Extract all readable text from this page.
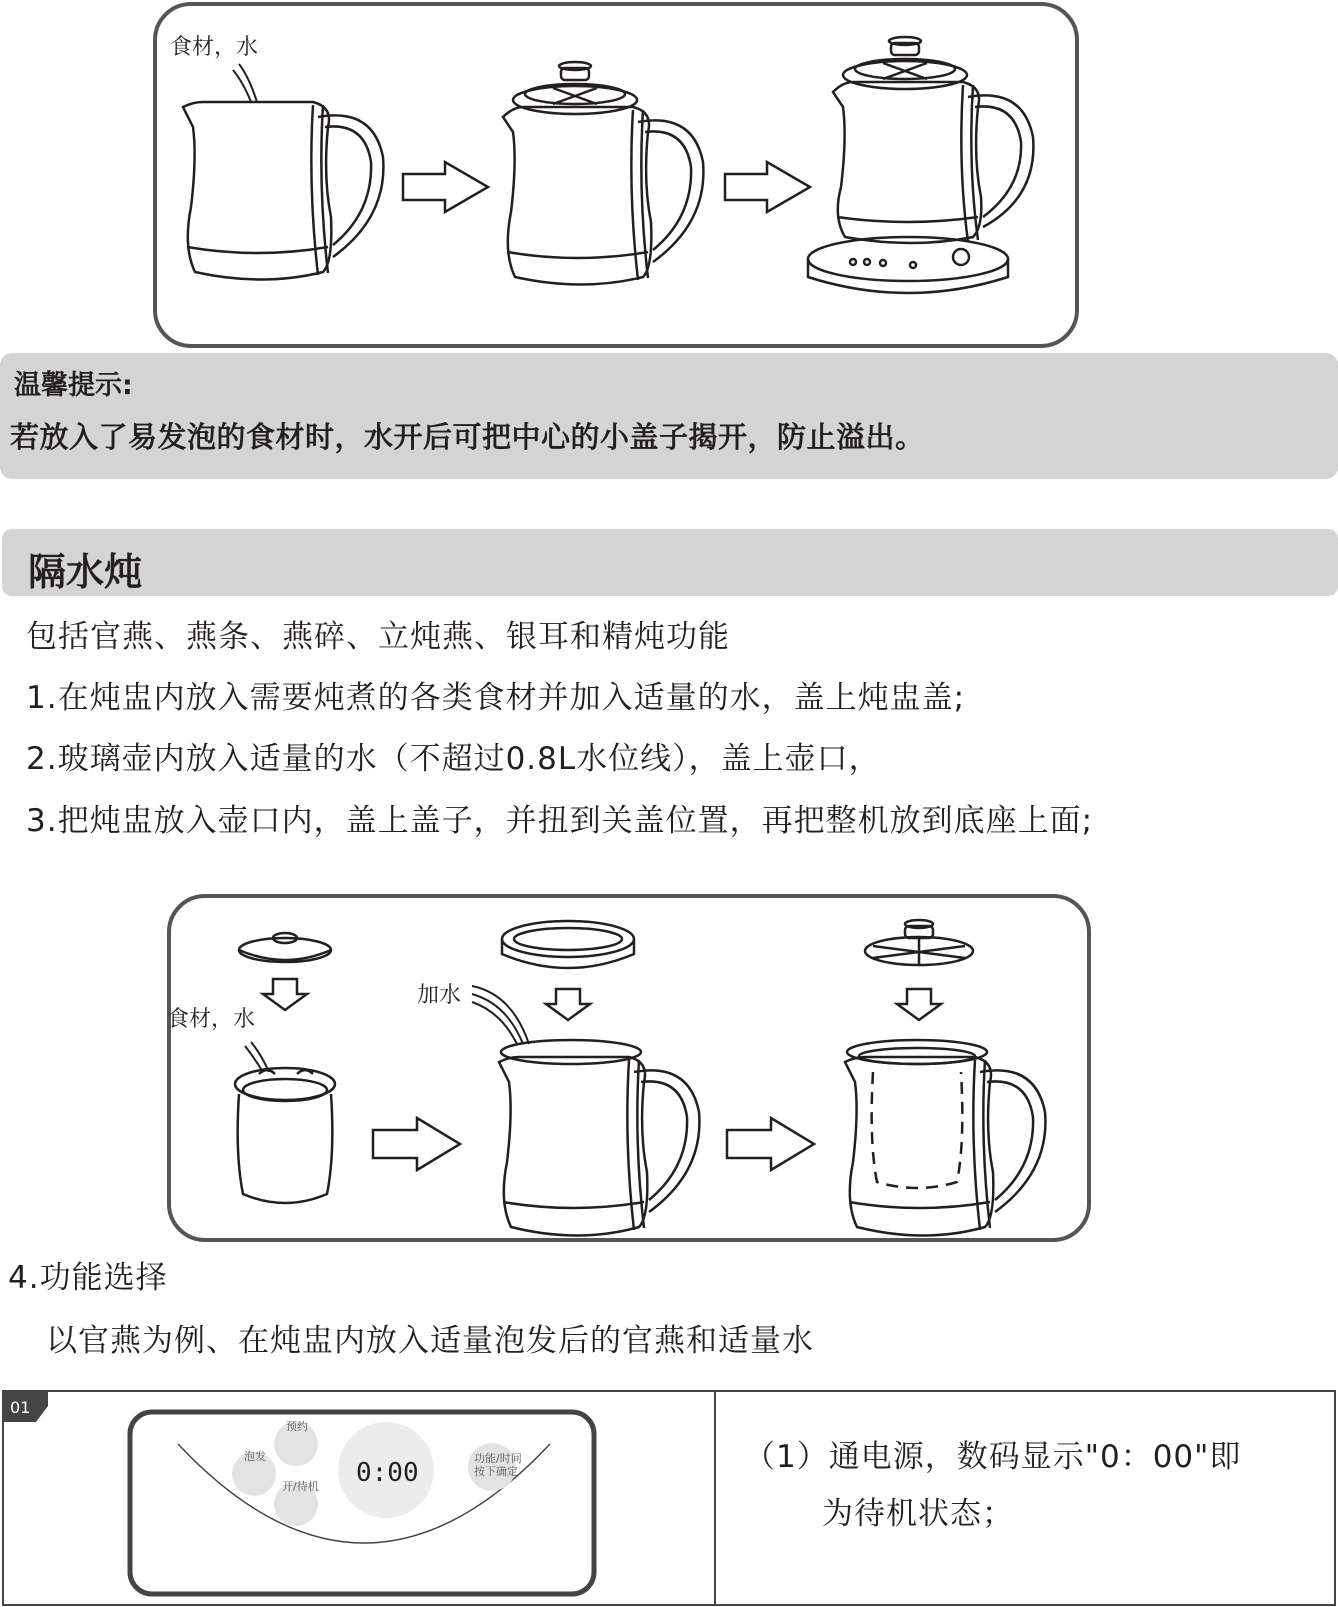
食材，水
温馨提示:
若放入了易发泡的食材时，水开后可把中心的小盖子揭开，防止溢出。
隔水炖
包括官燕、燕条、燕碎、立炖燕、银耳和精炖功能
1.在炖盅内放入需要炖煮的各类食材并加入适量的水，盖上炖盅盖;
2.玻璃壶内放入适量的水（不超过0.8L水位线），盖上壶口，
3.把炖盅放入壶口内，盖上盖子，并扭到关盖位置，再把整机放到底座上面;
食材，水
加水
4.功能选择
以官燕为例、在炖盅内放入适量泡发后的官燕和适量水
01
0:00
预约
泡发
开/待机
功能/时间
按下确定	（1）通电源，数码显示"0：00"即
为待机状态；
